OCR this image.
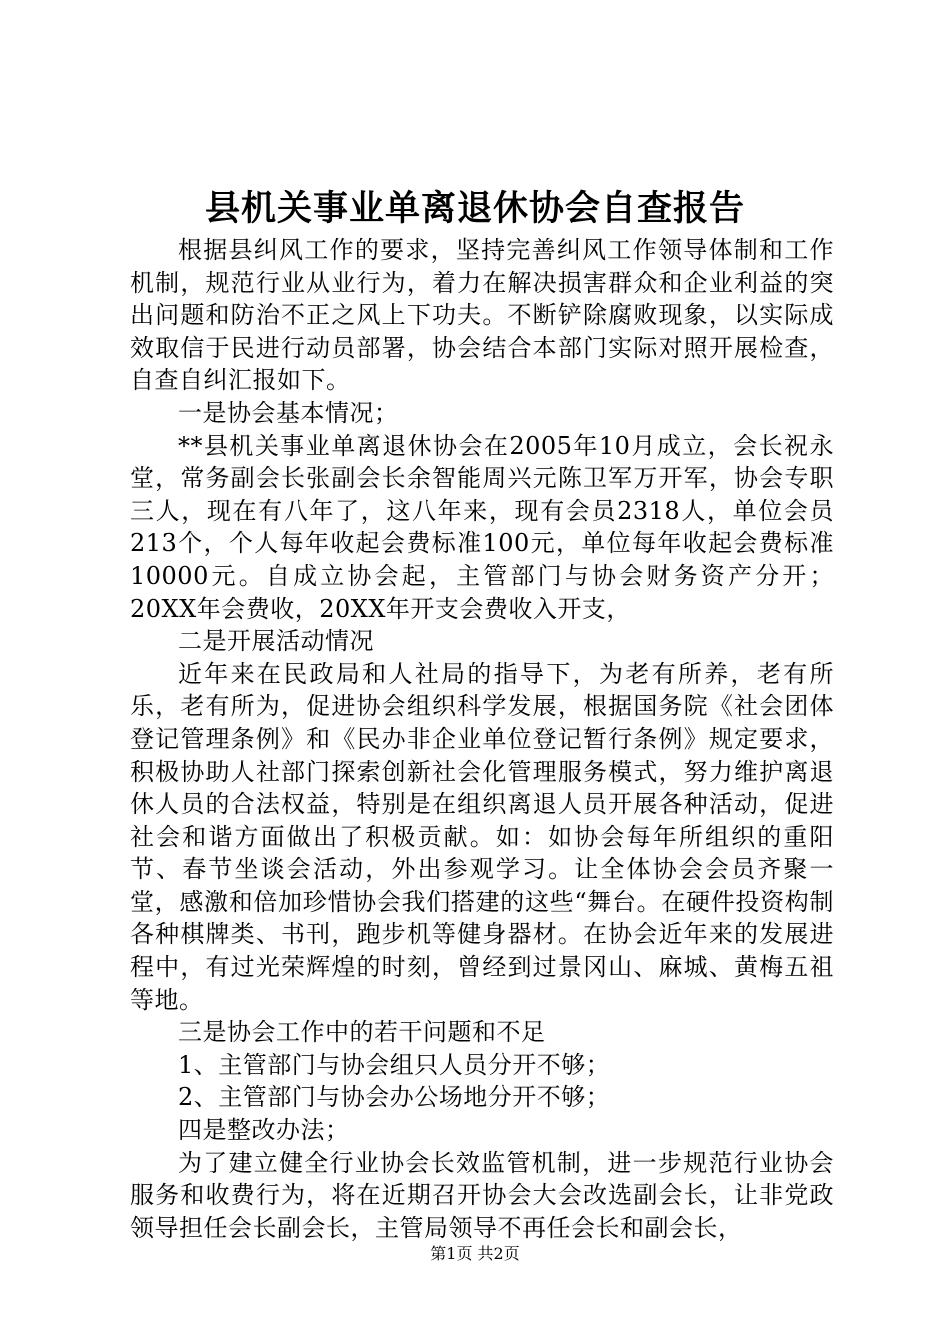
县机关事业单离退休协会自查报告

根据县纠风工作的要求，坚持完善纠风工作领导体制和工作机制，规范行业从业行为，着力在解决损害群众和企业利益的突出问题和防治不正之风上下功夫。不断铲除腐败现象，以实际成效取信于民进行动员部署，协会结合本部门实际对照开展检查，自查自纠汇报如下。

一是协会基本情况；

**县机关事业单离退休协会在2005年10月成立，会长祝永堂，常务副会长张副会长余智能周兴元陈卫军万开军，协会专职三人，现在有八年了，这八年来，现有会员2318人，单位会员213个，个人每年收起会费标准100元，单位每年收起会费标准10000元。自成立协会起，主管部门与协会财务资产分开；20XX年会费收，20XX年开支会费收入开支，

二是开展活动情况

近年来在民政局和人社局的指导下，为老有所养，老有所乐，老有所为，促进协会组织科学发展，根据国务院《社会团体登记管理条例》和《民办非企业单位登记暂行条例》规定要求，积极协助人社部门探索创新社会化管理服务模式，努力维护离退休人员的合法权益，特别是在组织离退人员开展各种活动，促进社会和谐方面做出了积极贡献。如：如协会每年所组织的重阳节、春节坐谈会活动，外出参观学习。让全体协会会员齐聚一堂，感激和倍加珍惜协会我们搭建的这些“舞台。在硬件投资构制各种棋牌类、书刊，跑步机等健身器材。在协会近年来的发展进程中，有过光荣辉煌的时刻，曾经到过景冈山、麻城、黄梅五祖等地。

三是协会工作中的若干问题和不足

1、主管部门与协会组只人员分开不够；

2、主管部门与协会办公场地分开不够；

四是整改办法；

为了建立健全行业协会长效监管机制，进一步规范行业协会服务和收费行为，将在近期召开协会大会改选副会长，让非党政领导担任会长副会长，主管局领导不再任会长和副会长，

第1页 共2页
